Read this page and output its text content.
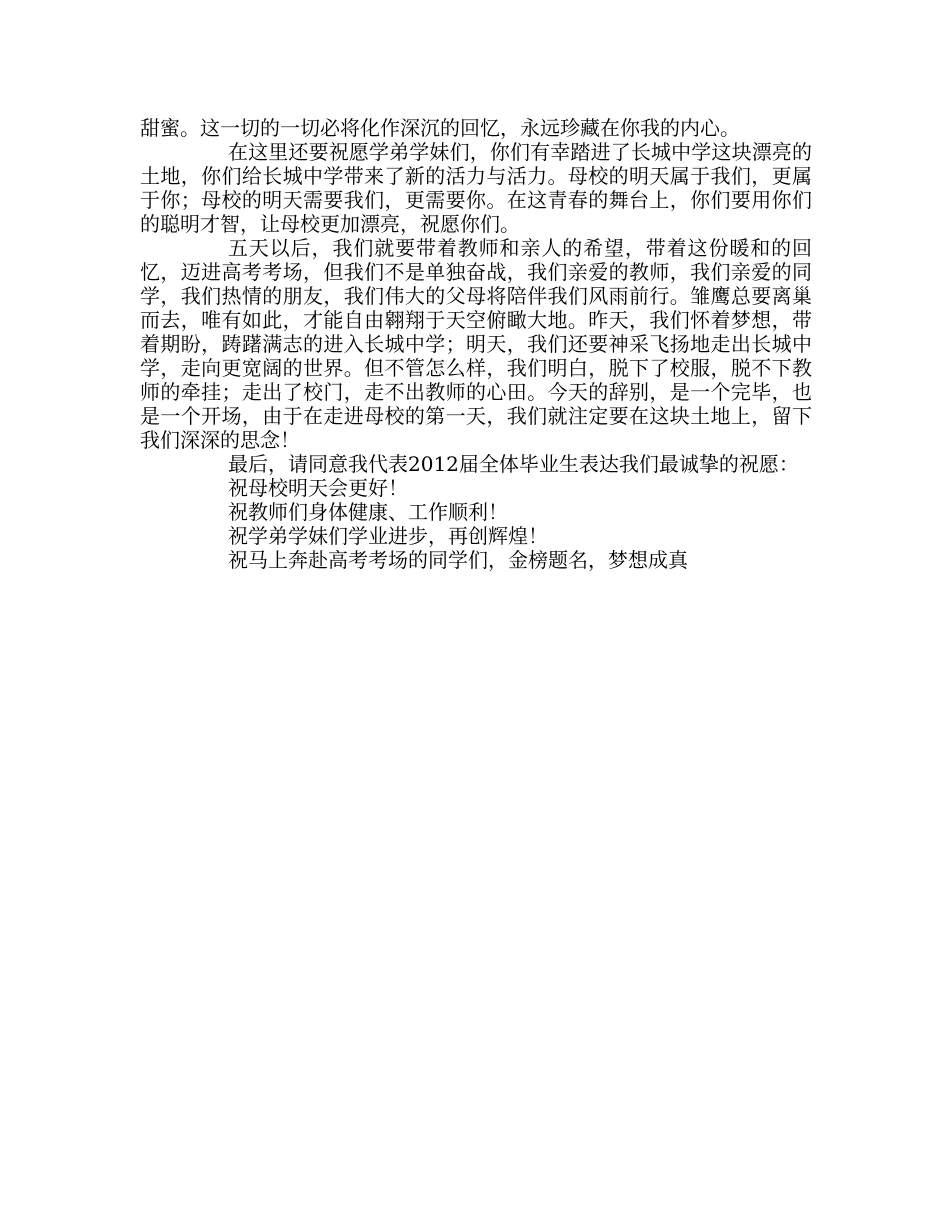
甜蜜。这一切的一切必将化作深沉的回忆，永远珍藏在你我的内心。

在这里还要祝愿学弟学妹们，你们有幸踏进了长城中学这块漂亮的土地，你们给长城中学带来了新的活力与活力。母校的明天属于我们，更属于你；母校的明天需要我们，更需要你。在这青春的舞台上，你们要用你们的聪明才智，让母校更加漂亮，祝愿你们。

五天以后，我们就要带着教师和亲人的希望，带着这份暖和的回忆，迈进高考考场，但我们不是单独奋战，我们亲爱的教师，我们亲爱的同学，我们热情的朋友，我们伟大的父母将陪伴我们风雨前行。雏鹰总要离巢而去，唯有如此，才能自由翱翔于天空俯瞰大地。昨天，我们怀着梦想，带着期盼，踌躇满志的进入长城中学；明天，我们还要神采飞扬地走出长城中学，走向更宽阔的世界。但不管怎么样，我们明白，脱下了校服，脱不下教师的牵挂；走出了校门，走不出教师的心田。今天的辞别，是一个完毕，也是一个开场，由于在走进母校的第一天，我们就注定要在这块土地上，留下我们深深的思念！

最后，请同意我代表2012届全体毕业生表达我们最诚挚的祝愿：

祝母校明天会更好！

祝教师们身体健康、工作顺利！

祝学弟学妹们学业进步，再创辉煌！

祝马上奔赴高考考场的同学们，金榜题名，梦想成真
